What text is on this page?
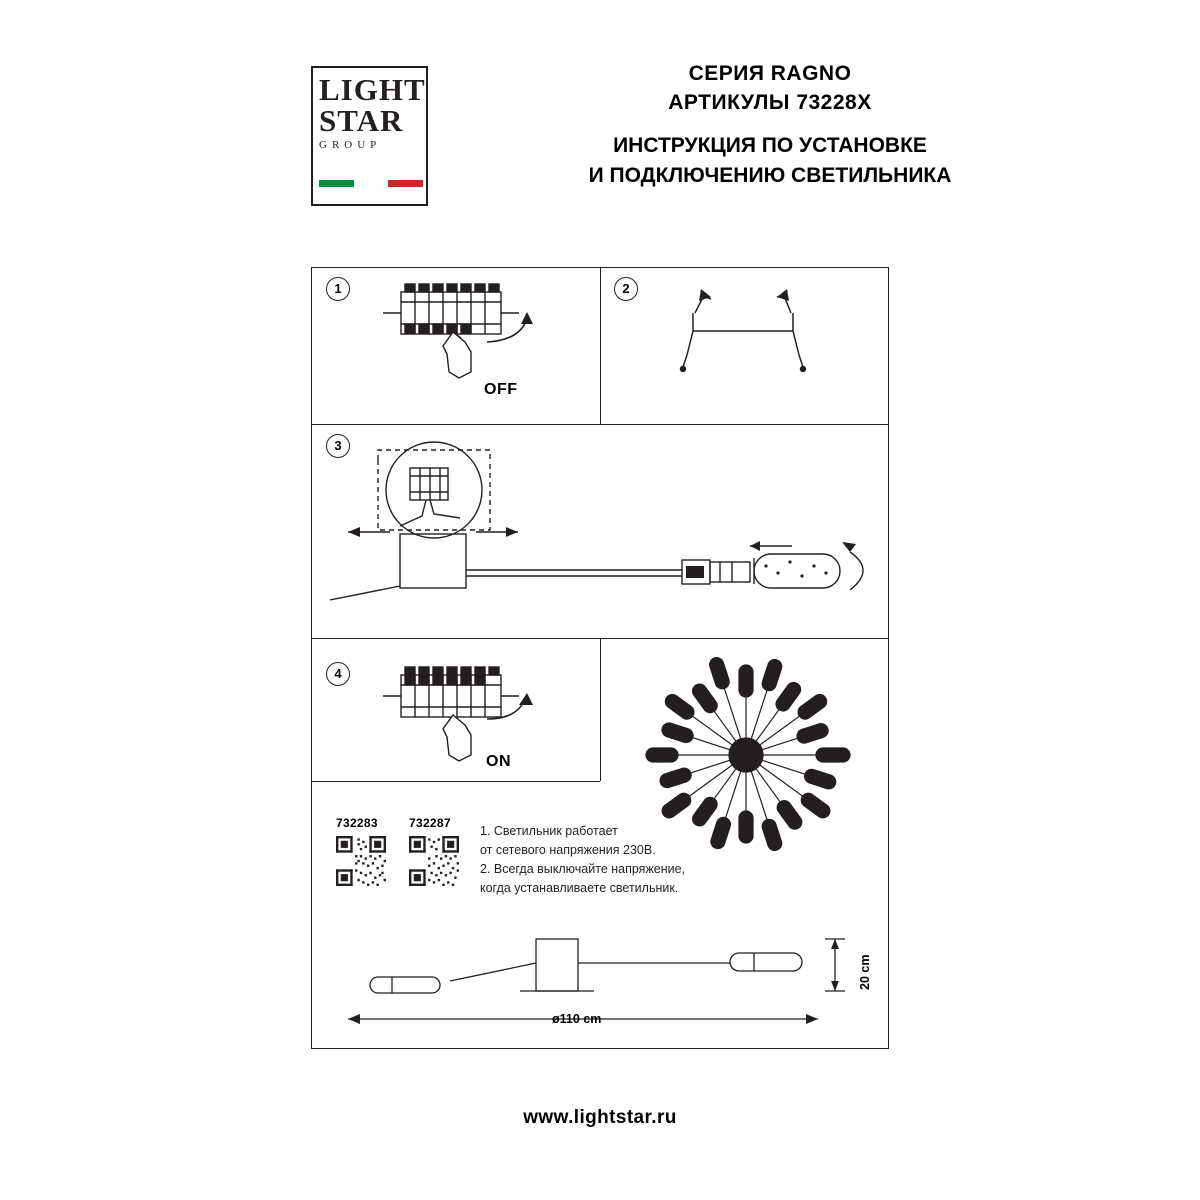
LIGHT
STAR
GROUP
СЕРИЯ RAGNO
АРТИКУЛЫ 73228X
ИНСТРУКЦИЯ ПО УСТАНОВКЕ
И ПОДКЛЮЧЕНИЮ СВЕТИЛЬНИКА
1
OFF
2
3
4
ON
732283	732287
1. Светильник работает
от сетевого напряжения 230В.
2. Всегда выключайте напряжение,
когда устанавливаете светильник.
ø110 cm
20 cm
www.lightstar.ru
